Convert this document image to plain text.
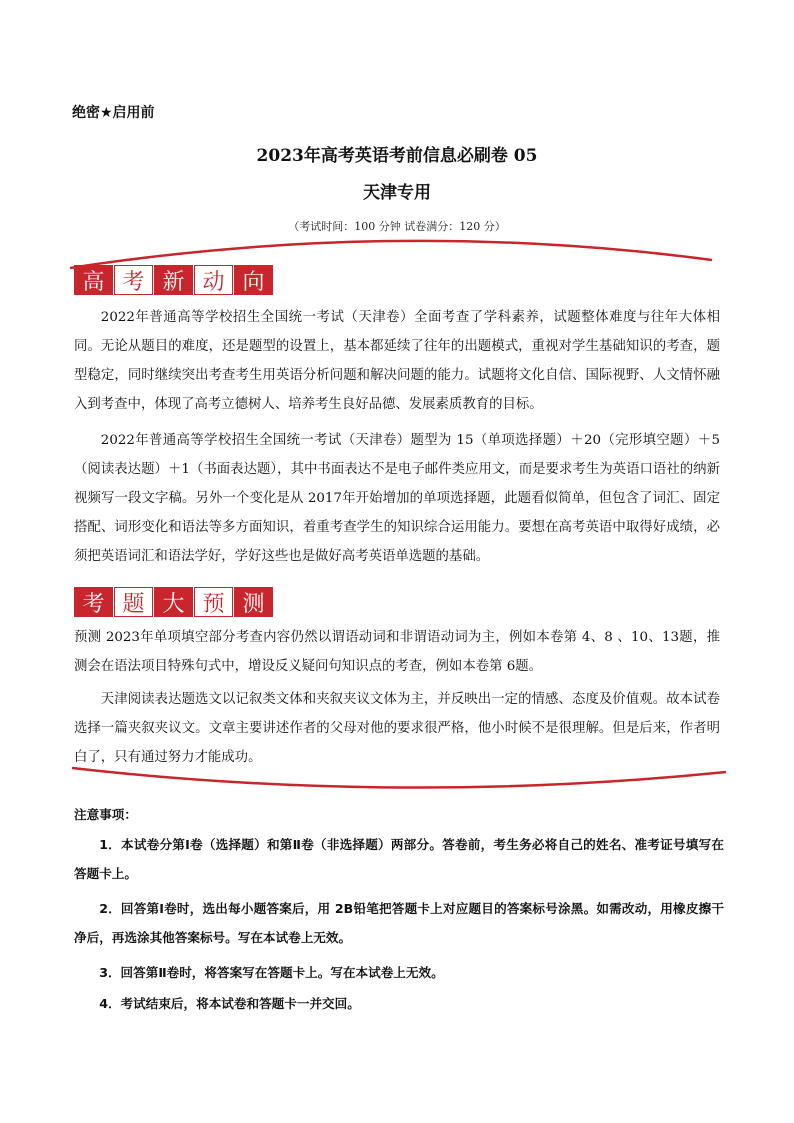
绝密★启用前
2023年高考英语考前信息必刷卷 05
天津专用
（考试时间：100 分钟 试卷满分：120 分）
高 考 新 动 向
2022年普通高等学校招生全国统一考试（天津卷）全面考查了学科素养，试题整体难度与往年大体相同。无论从题目的难度，还是题型的设置上，基本都延续了往年的出题模式，重视对学生基础知识的考查，题型稳定，同时继续突出考查考生用英语分析问题和解决问题的能力。试题将文化自信、国际视野、人文情怀融入到考查中，体现了高考立德树人、培养考生良好品德、发展素质教育的目标。
2022年普通高等学校招生全国统一考试（天津卷）题型为 15（单项选择题）＋20（完形填空题）＋5（阅读表达题）＋1（书面表达题），其中书面表达不是电子邮件类应用文，而是要求考生为英语口语社的纳新视频写一段文字稿。另外一个变化是从 2017年开始增加的单项选择题，此题看似简单，但包含了词汇、固定搭配、词形变化和语法等多方面知识，着重考查学生的知识综合运用能力。要想在高考英语中取得好成绩，必须把英语词汇和语法学好，学好这些也是做好高考英语单选题的基础。
考 题 大 预 测
预测 2023年单项填空部分考查内容仍然以谓语动词和非谓语动词为主，例如本卷第 4、8 、10、13题，推测会在语法项目特殊句式中，增设反义疑问句知识点的考查，例如本卷第 6题。
天津阅读表达题选文以记叙类文体和夹叙夹议文体为主，并反映出一定的情感、态度及价值观。故本试卷选择一篇夹叙夹议文。文章主要讲述作者的父母对他的要求很严格，他小时候不是很理解。但是后来，作者明白了，只有通过努力才能成功。
注意事项：
1．本试卷分第Ⅰ卷（选择题）和第Ⅱ卷（非选择题）两部分。答卷前，考生务必将自己的姓名、准考证号填写在答题卡上。
2．回答第Ⅰ卷时，选出每小题答案后，用 2B铅笔把答题卡上对应题目的答案标号涂黑。如需改动，用橡皮擦干净后，再选涂其他答案标号。写在本试卷上无效。
3．回答第Ⅱ卷时，将答案写在答题卡上。写在本试卷上无效。
4．考试结束后，将本试卷和答题卡一并交回。
